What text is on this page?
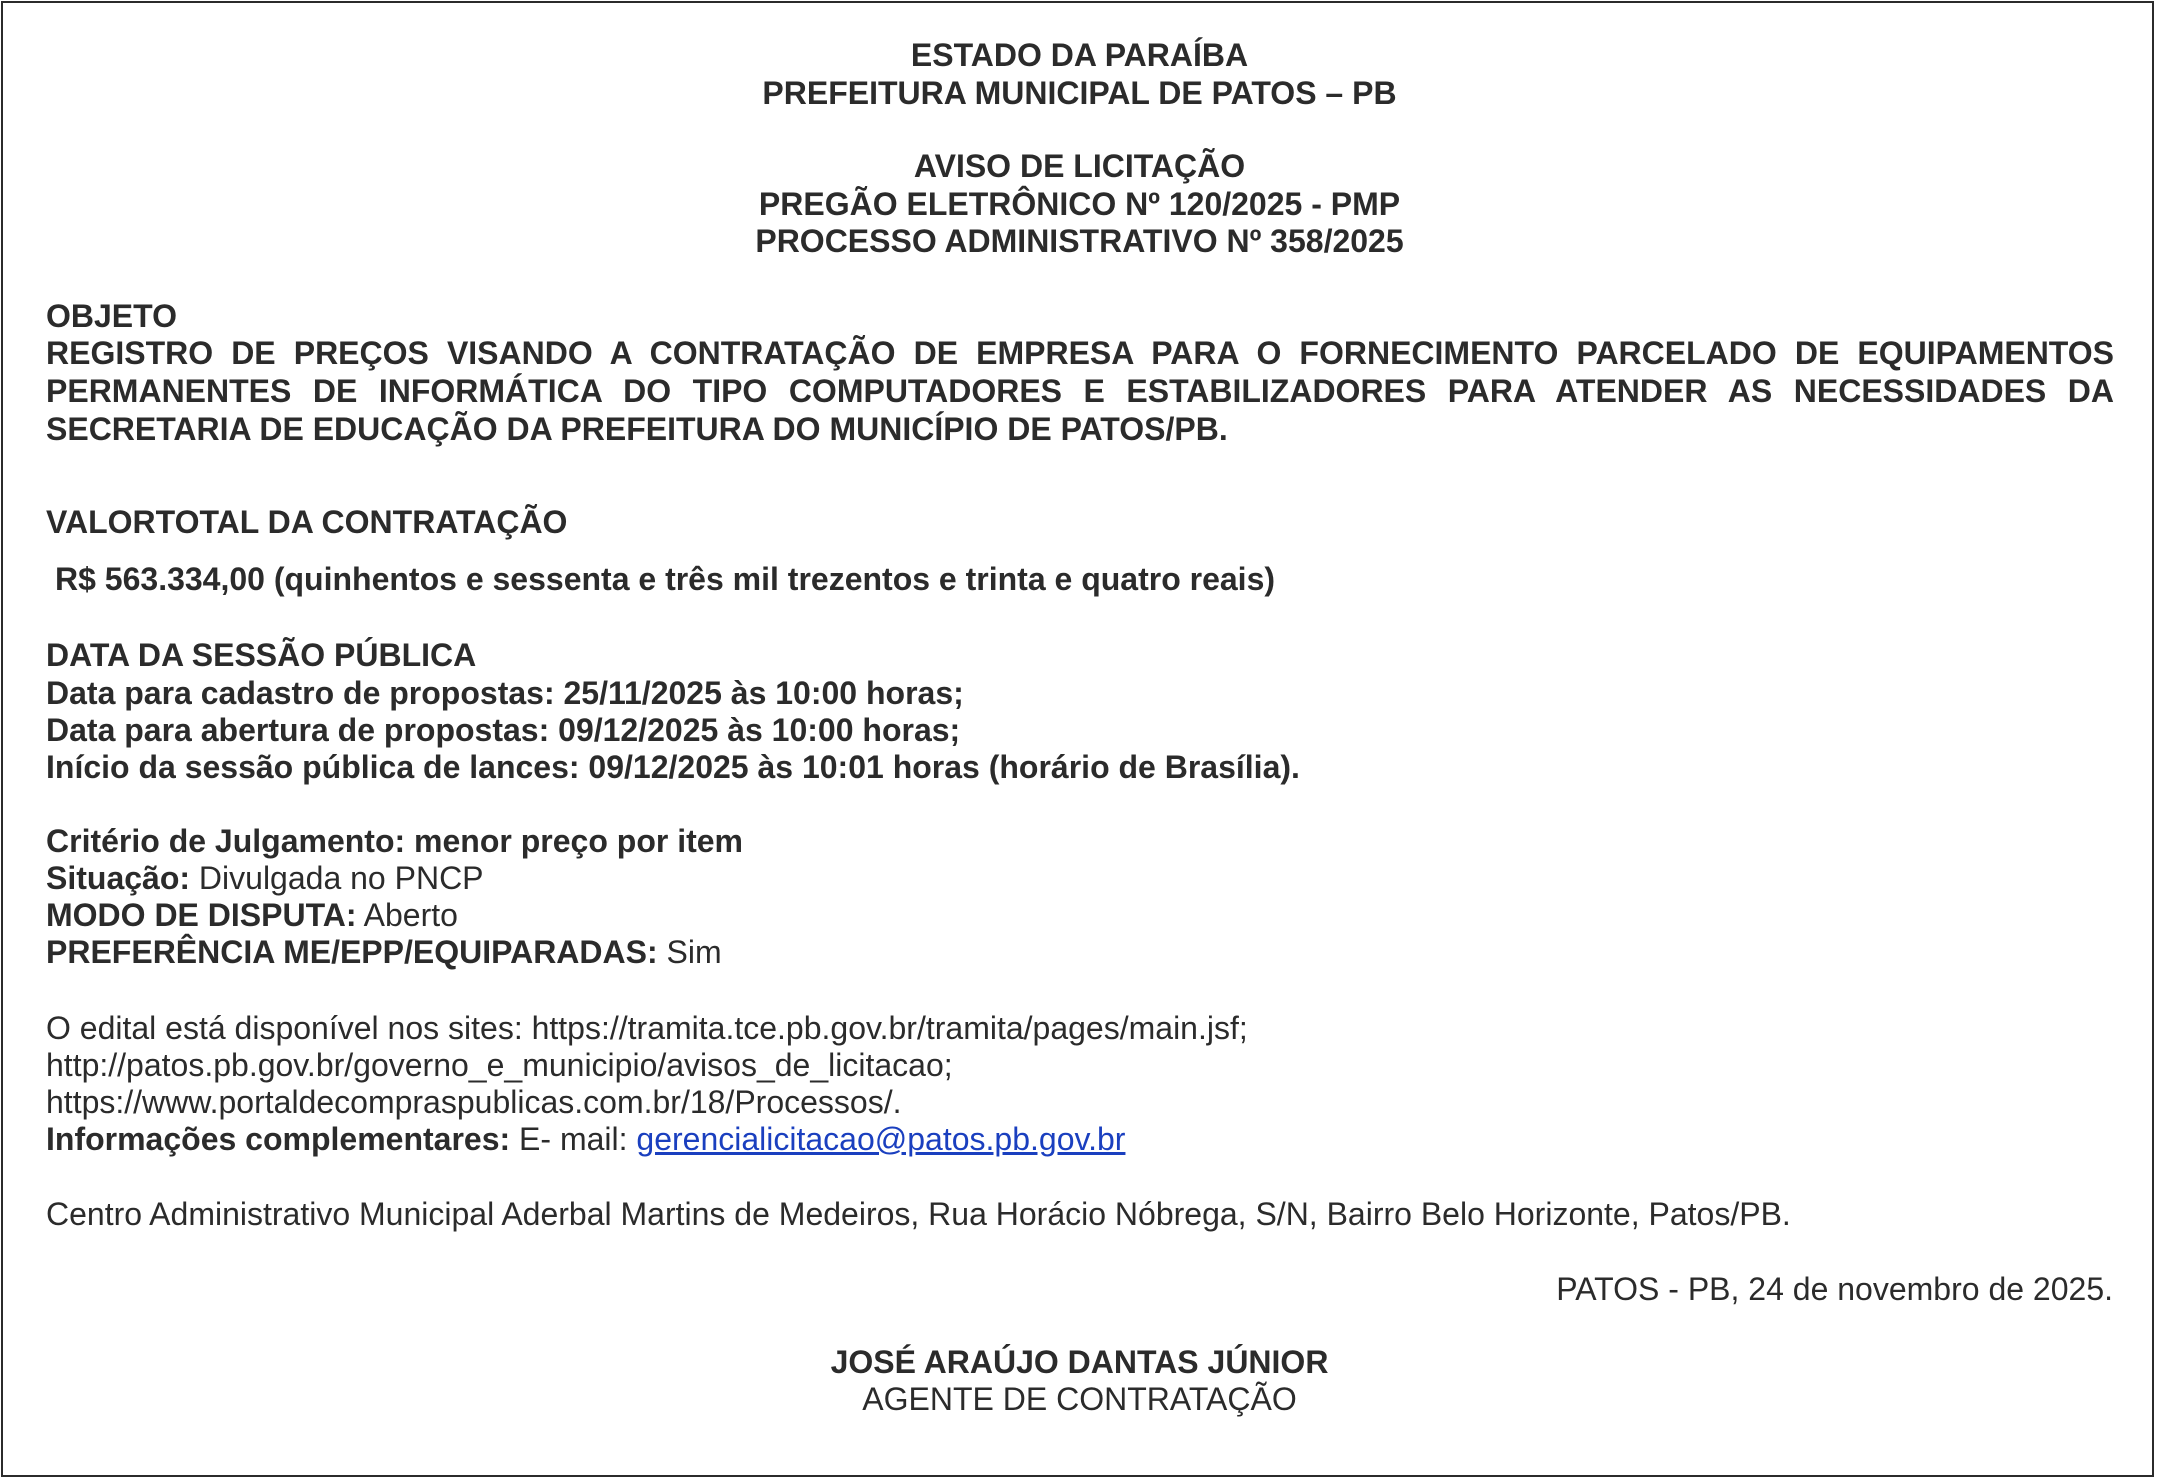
ESTADO DA PARAÍBA
PREFEITURA MUNICIPAL DE PATOS – PB
AVISO DE LICITAÇÃO
PREGÃO ELETRÔNICO Nº 120/2025 - PMP
PROCESSO ADMINISTRATIVO Nº 358/2025
OBJETO
REGISTRO DE PREÇOS VISANDO A CONTRATAÇÃO DE EMPRESA PARA O FORNECIMENTO PARCELADO DE EQUIPAMENTOS PERMANENTES DE INFORMÁTICA DO TIPO COMPUTADORES E ESTABILIZADORES PARA ATENDER AS NECESSIDADES DA SECRETARIA DE EDUCAÇÃO DA PREFEITURA DO MUNICÍPIO DE PATOS/PB.
VALORTOTAL DA CONTRATAÇÃO
R$ 563.334,00 (quinhentos e sessenta e três mil trezentos e trinta e quatro reais)
DATA DA SESSÃO PÚBLICA
Data para cadastro de propostas: 25/11/2025 às 10:00 horas;
Data para abertura de propostas: 09/12/2025 às 10:00 horas;
Início da sessão pública de lances: 09/12/2025 às 10:01 horas (horário de Brasília).
Critério de Julgamento: menor preço por item
Situação: Divulgada no PNCP
MODO DE DISPUTA: Aberto
PREFERÊNCIA ME/EPP/EQUIPARADAS: Sim
O edital está disponível nos sites: https://tramita.tce.pb.gov.br/tramita/pages/main.jsf;
http://patos.pb.gov.br/governo_e_municipio/avisos_de_licitacao;
https://www.portaldecompraspublicas.com.br/18/Processos/.
Informações complementares: E- mail: gerencialicitacao@patos.pb.gov.br
Centro Administrativo Municipal Aderbal Martins de Medeiros, Rua Horácio Nóbrega, S/N, Bairro Belo Horizonte, Patos/PB.
PATOS - PB, 24 de novembro de 2025.
JOSÉ ARAÚJO DANTAS JÚNIOR
AGENTE DE CONTRATAÇÃO
